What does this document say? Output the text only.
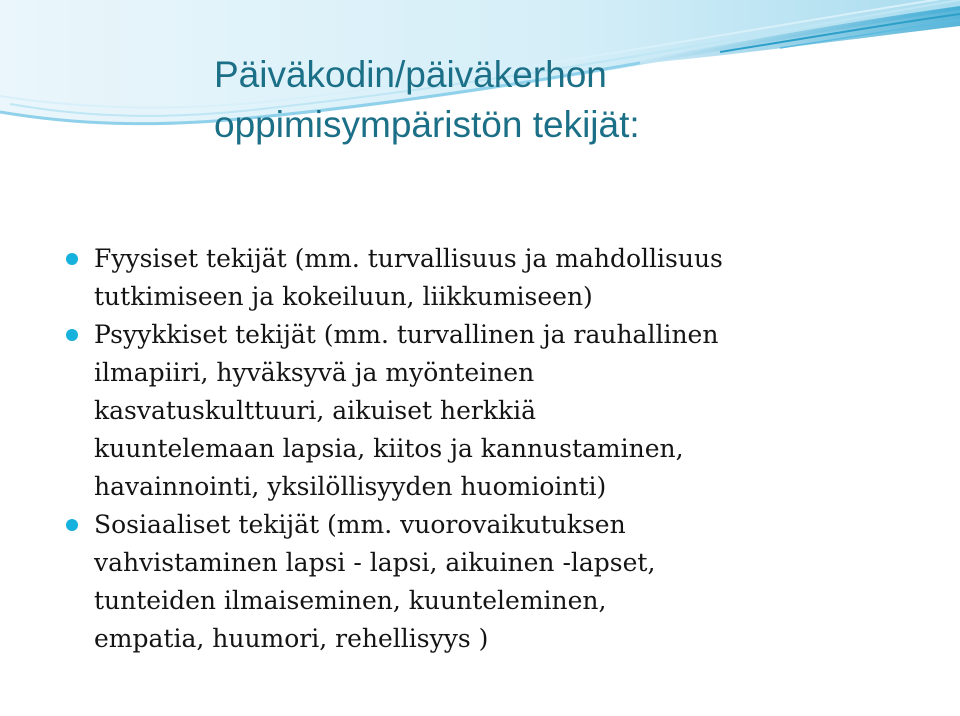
Päiväkodin/päiväkerhon
oppimisympäristön tekijät:
Fyysiset tekijät (mm. turvallisuus ja mahdollisuus
tutkimiseen ja kokeiluun, liikkumiseen)
Psyykkiset tekijät (mm. turvallinen ja rauhallinen
ilmapiiri, hyväksyvä ja myönteinen
kasvatuskulttuuri, aikuiset herkkiä
kuuntelemaan lapsia, kiitos ja kannustaminen,
havainnointi, yksilöllisyyden huomiointi)
Sosiaaliset tekijät (mm. vuorovaikutuksen
vahvistaminen lapsi - lapsi, aikuinen -lapset,
tunteiden ilmaiseminen, kuunteleminen,
empatia, huumori, rehellisyys )
